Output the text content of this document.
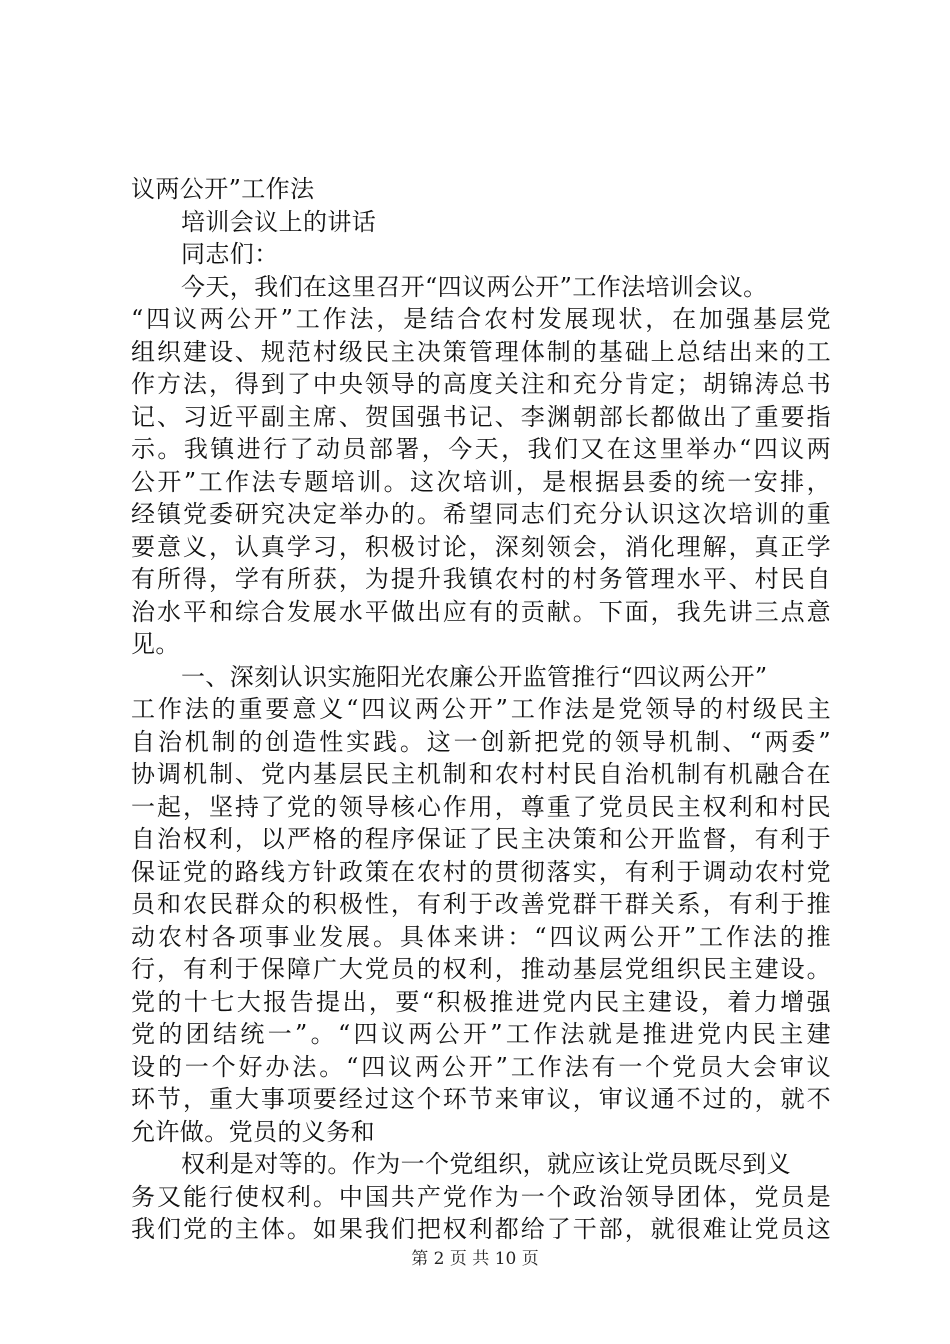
议两公开”工作法
培训会议上的讲话
同志们：
今天，我们在这里召开“四议两公开”工作法培训会议。
“四议两公开”工作法，是结合农村发展现状，在加强基层党
组织建设、规范村级民主决策管理体制的基础上总结出来的工
作方法，得到了中央领导的高度关注和充分肯定；胡锦涛总书
记、习近平副主席、贺国强书记、李渊朝部长都做出了重要指
示。我镇进行了动员部署，今天，我们又在这里举办“四议两
公开”工作法专题培训。这次培训，是根据县委的统一安排，
经镇党委研究决定举办的。希望同志们充分认识这次培训的重
要意义，认真学习，积极讨论，深刻领会，消化理解，真正学
有所得，学有所获，为提升我镇农村的村务管理水平、村民自
治水平和综合发展水平做出应有的贡献。下面，我先讲三点意
见。
一、深刻认识实施阳光农廉公开监管推行“四议两公开”
工作法的重要意义“四议两公开”工作法是党领导的村级民主
自治机制的创造性实践。这一创新把党的领导机制、“两委”
协调机制、党内基层民主机制和农村村民自治机制有机融合在
一起，坚持了党的领导核心作用，尊重了党员民主权利和村民
自治权利，以严格的程序保证了民主决策和公开监督，有利于
保证党的路线方针政策在农村的贯彻落实，有利于调动农村党
员和农民群众的积极性，有利于改善党群干群关系，有利于推
动农村各项事业发展。具体来讲：“四议两公开”工作法的推
行，有利于保障广大党员的权利，推动基层党组织民主建设。
党的十七大报告提出，要“积极推进党内民主建设，着力增强
党的团结统一”。“四议两公开”工作法就是推进党内民主建
设的一个好办法。“四议两公开”工作法有一个党员大会审议
环节，重大事项要经过这个环节来审议，审议通不过的，就不
允许做。党员的义务和
权利是对等的。作为一个党组织，就应该让党员既尽到义
务又能行使权利。中国共产党作为一个政治领导团体，党员是
我们党的主体。如果我们把权利都给了干部，就很难让党员这
第 2 页 共 10 页
